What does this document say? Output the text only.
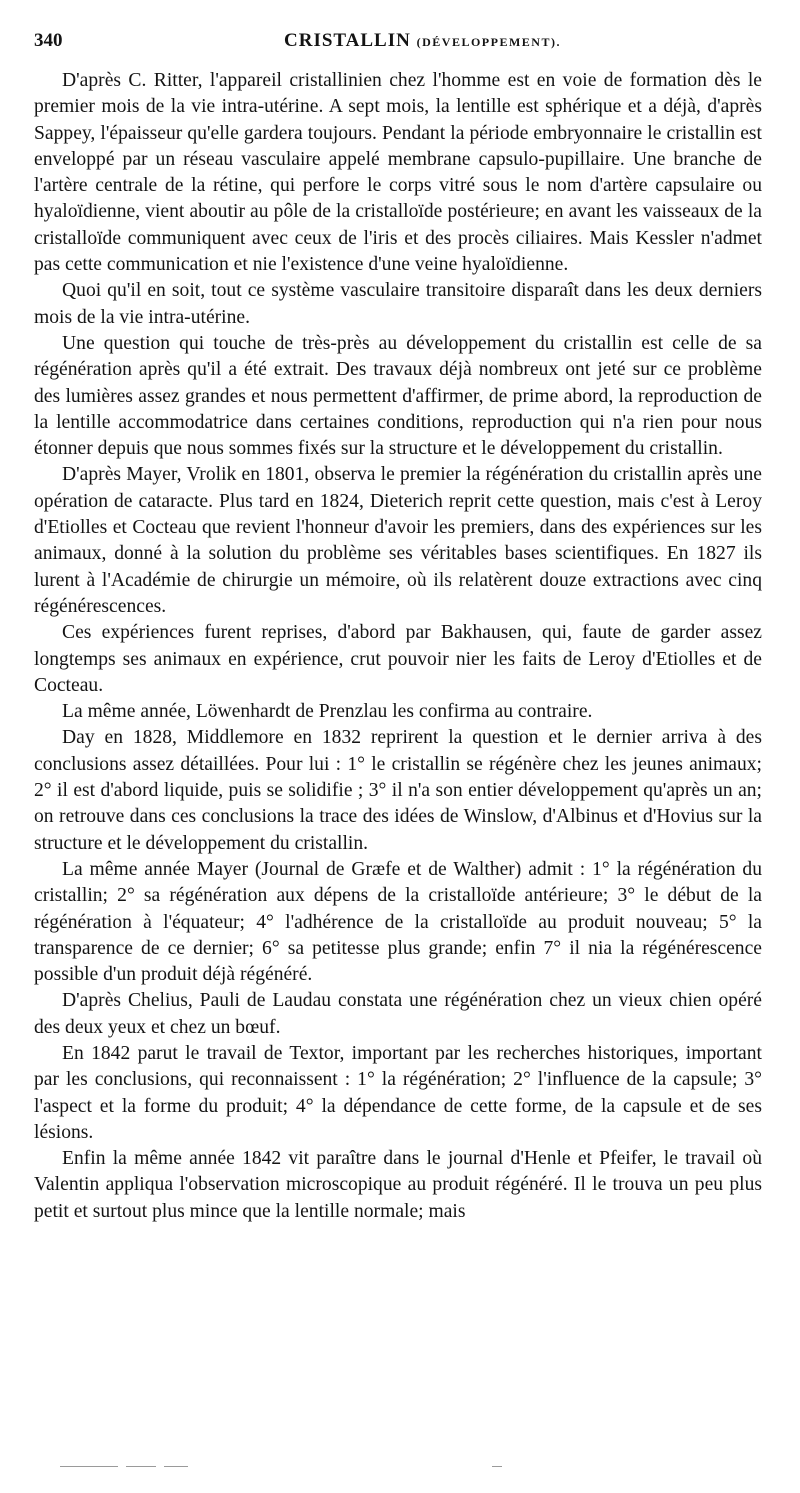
340	CRISTALLIN (DÉVELOPPEMENT).

D'après C. Ritter, l'appareil cristallinien chez l'homme est en voie de formation dès le premier mois de la vie intra-utérine. A sept mois, la lentille est sphérique et a déjà, d'après Sappey, l'épaisseur qu'elle gardera toujours. Pendant la période embryonnaire le cristallin est enveloppé par un réseau vasculaire appelé membrane capsulo-pupillaire. Une branche de l'artère centrale de la rétine, qui perfore le corps vitré sous le nom d'artère capsulaire ou hyaloïdienne, vient aboutir au pôle de la cristalloïde postérieure; en avant les vaisseaux de la cristalloïde communiquent avec ceux de l'iris et des procès ciliaires. Mais Kessler n'admet pas cette communication et nie l'existence d'une veine hyaloïdienne.

Quoi qu'il en soit, tout ce système vasculaire transitoire disparaît dans les deux derniers mois de la vie intra-utérine.

Une question qui touche de très-près au développement du cristallin est celle de sa régénération après qu'il a été extrait. Des travaux déjà nombreux ont jeté sur ce problème des lumières assez grandes et nous permettent d'affirmer, de prime abord, la reproduction de la lentille accommodatrice dans certaines conditions, reproduction qui n'a rien pour nous étonner depuis que nous sommes fixés sur la structure et le développement du cristallin.

D'après Mayer, Vrolik en 1801, observa le premier la régénération du cristallin après une opération de cataracte. Plus tard en 1824, Dieterich reprit cette question, mais c'est à Leroy d'Etiolles et Cocteau que revient l'honneur d'avoir les premiers, dans des expériences sur les animaux, donné à la solution du problème ses véritables bases scientifiques. En 1827 ils lurent à l'Académie de chirurgie un mémoire, où ils relatèrent douze extractions avec cinq régénérescences.

Ces expériences furent reprises, d'abord par Bakhausen, qui, faute de garder assez longtemps ses animaux en expérience, crut pouvoir nier les faits de Leroy d'Etiolles et de Cocteau.

La même année, Löwenhardt de Prenzlau les confirma au contraire.

Day en 1828, Middlemore en 1832 reprirent la question et le dernier arriva à des conclusions assez détaillées. Pour lui : 1° le cristallin se régénère chez les jeunes animaux; 2° il est d'abord liquide, puis se solidifie ; 3° il n'a son entier développement qu'après un an; on retrouve dans ces conclusions la trace des idées de Winslow, d'Albinus et d'Hovius sur la structure et le développement du cristallin.

La même année Mayer (Journal de Græfe et de Walther) admit : 1° la régénération du cristallin; 2° sa régénération aux dépens de la cristalloïde antérieure; 3° le début de la régénération à l'équateur; 4° l'adhérence de la cristalloïde au produit nouveau; 5° la transparence de ce dernier; 6° sa petitesse plus grande; enfin 7° il nia la régénérescence possible d'un produit déjà régénéré.

D'après Chelius, Pauli de Laudau constata une régénération chez un vieux chien opéré des deux yeux et chez un bœuf.

En 1842 parut le travail de Textor, important par les recherches historiques, important par les conclusions, qui reconnaissent : 1° la régénération; 2° l'influence de la capsule; 3° l'aspect et la forme du produit; 4° la dépendance de cette forme, de la capsule et de ses lésions.

Enfin la même année 1842 vit paraître dans le journal d'Henle et Pfeifer, le travail où Valentin appliqua l'observation microscopique au produit régénéré. Il le trouva un peu plus petit et surtout plus mince que la lentille normale; mais
